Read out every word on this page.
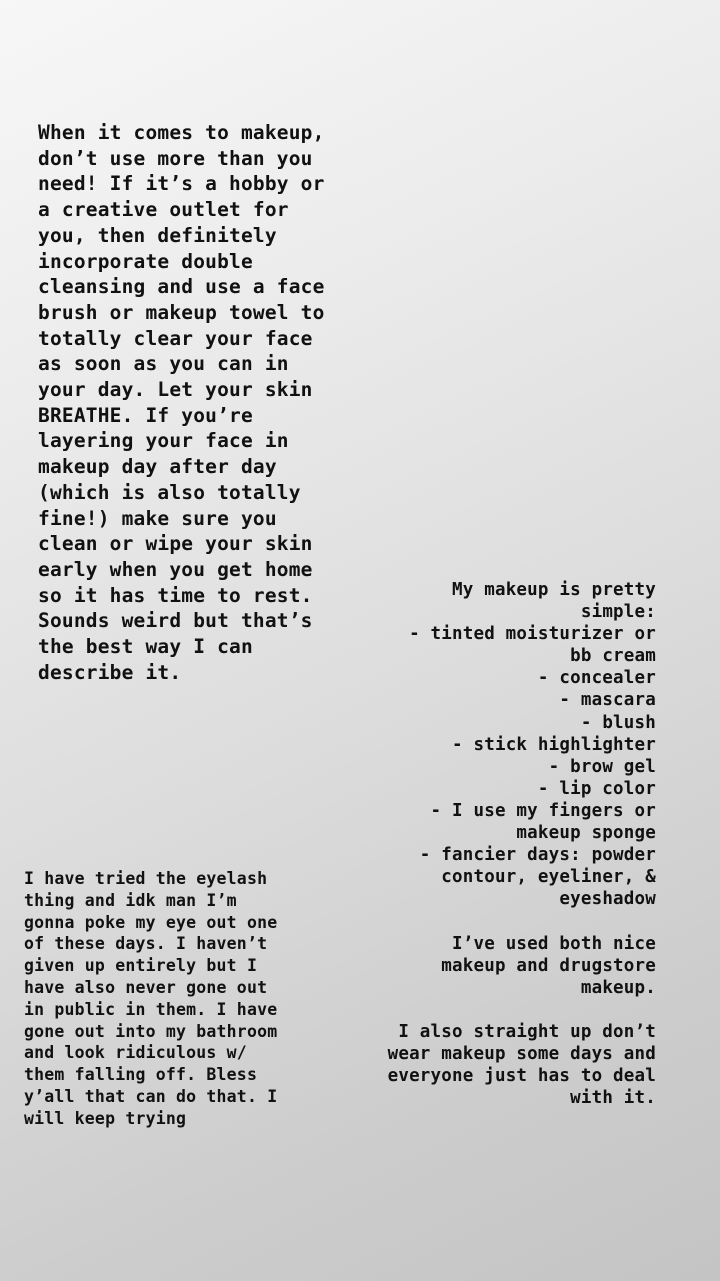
When it comes to makeup,
don’t use more than you
need! If it’s a hobby or
a creative outlet for
you, then definitely
incorporate double
cleansing and use a face
brush or makeup towel to
totally clear your face
as soon as you can in
your day. Let your skin
BREATHE. If you’re
layering your face in
makeup day after day
(which is also totally
fine!) make sure you
clean or wipe your skin
early when you get home
so it has time to rest.
Sounds weird but that’s
the best way I can
describe it.

My makeup is pretty
simple:
- tinted moisturizer or
bb cream
- concealer
- mascara
- blush
- stick highlighter
- brow gel
- lip color
- I use my fingers or
makeup sponge
- fancier days: powder
contour, eyeliner, &
eyeshadow

I’ve used both nice
makeup and drugstore
makeup.

I also straight up don’t
wear makeup some days and
everyone just has to deal
with it.

I have tried the eyelash
thing and idk man I’m
gonna poke my eye out one
of these days. I haven’t
given up entirely but I
have also never gone out
in public in them. I have
gone out into my bathroom
and look ridiculous w/
them falling off. Bless
y’all that can do that. I
will keep trying
